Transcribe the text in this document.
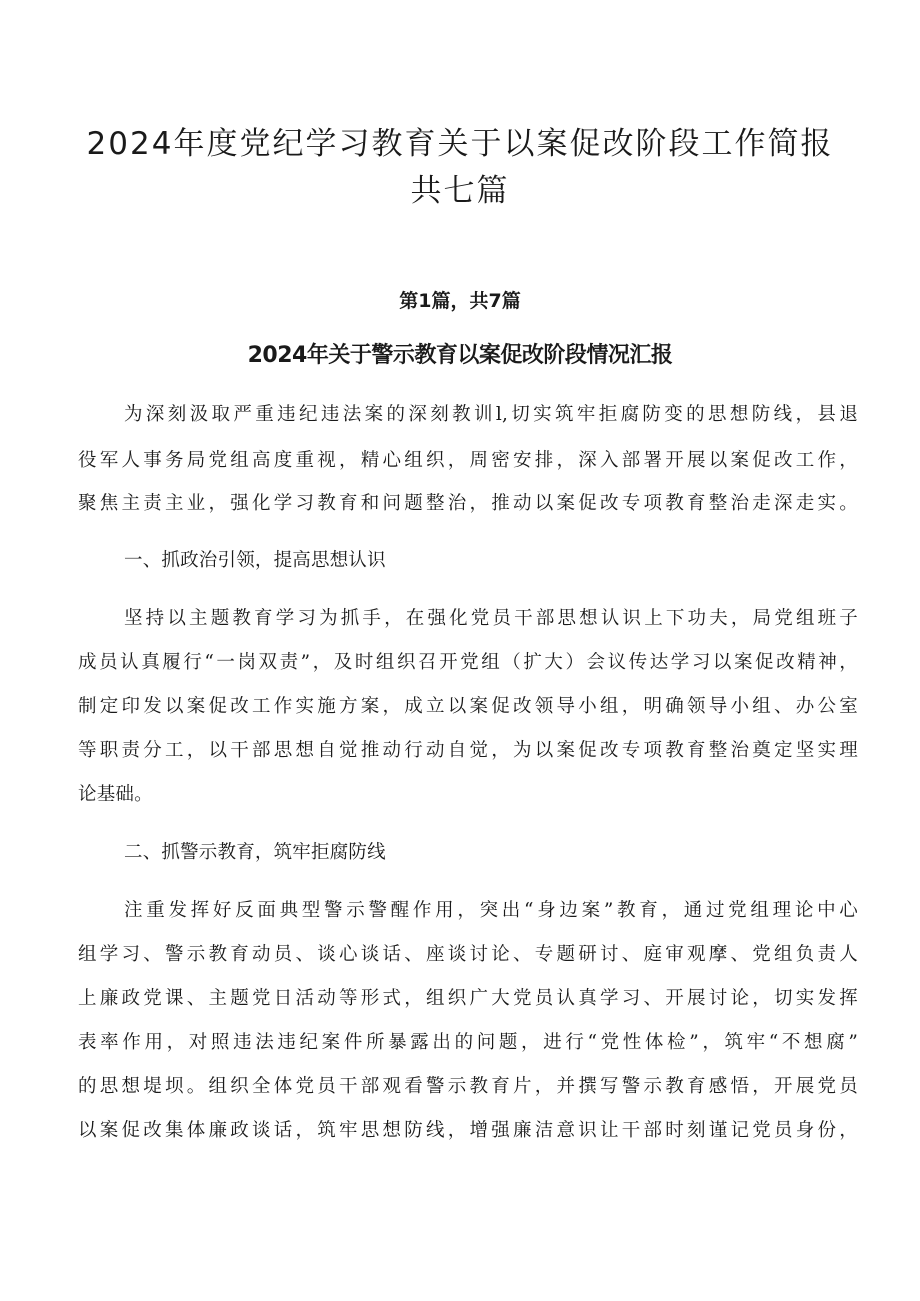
2024年度党纪学习教育关于以案促改阶段工作简报
共七篇
第1篇，共7篇
2024年关于警示教育以案促改阶段情况汇报
为深刻汲取严重违纪违法案的深刻教训l,切实筑牢拒腐防变的思想防线，县退
役军人事务局党组高度重视，精心组织，周密安排，深入部署开展以案促改工作，
聚焦主责主业，强化学习教育和问题整治，推动以案促改专项教育整治走深走实。
一、抓政治引领，提高思想认识
坚持以主题教育学习为抓手，在强化党员干部思想认识上下功夫，局党组班子
成员认真履行“一岗双责”，及时组织召开党组（扩大）会议传达学习以案促改精神，
制定印发以案促改工作实施方案，成立以案促改领导小组，明确领导小组、办公室
等职责分工，以干部思想自觉推动行动自觉，为以案促改专项教育整治奠定坚实理
论基础。
二、抓警示教育，筑牢拒腐防线
注重发挥好反面典型警示警醒作用，突出“身边案”教育，通过党组理论中心
组学习、警示教育动员、谈心谈话、座谈讨论、专题研讨、庭审观摩、党组负责人
上廉政党课、主题党日活动等形式，组织广大党员认真学习、开展讨论，切实发挥
表率作用，对照违法违纪案件所暴露出的问题，进行“党性体检”，筑牢“不想腐”
的思想堤坝。组织全体党员干部观看警示教育片，并撰写警示教育感悟，开展党员
以案促改集体廉政谈话，筑牢思想防线，增强廉洁意识让干部时刻谨记党员身份，
